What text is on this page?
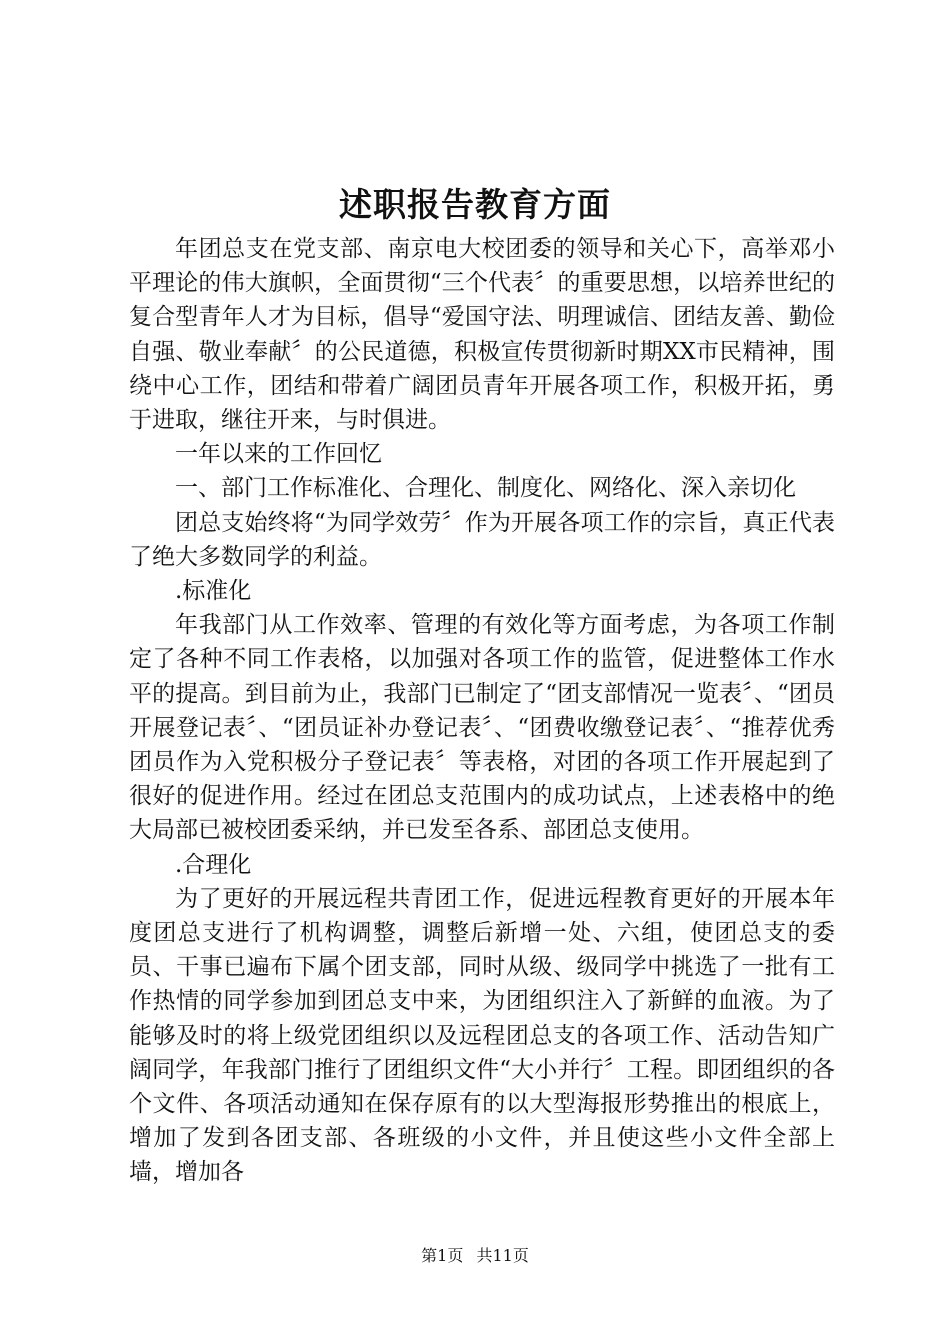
述职报告教育方面

年团总支在党支部、南京电大校团委的领导和关心下，高举邓小平理论的伟大旗帜，全面贯彻“三个代表〞的重要思想，以培养世纪的复合型青年人才为目标，倡导“爱国守法、明理诚信、团结友善、勤俭自强、敬业奉献〞的公民道德，积极宣传贯彻新时期XX市民精神，围绕中心工作，团结和带着广阔团员青年开展各项工作，积极开拓，勇于进取，继往开来，与时俱进。

一年以来的工作回忆

一、部门工作标准化、合理化、制度化、网络化、深入亲切化

团总支始终将“为同学效劳〞作为开展各项工作的宗旨，真正代表了绝大多数同学的利益。

.标准化

年我部门从工作效率、管理的有效化等方面考虑，为各项工作制定了各种不同工作表格，以加强对各项工作的监管，促进整体工作水平的提高。到目前为止，我部门已制定了“团支部情况一览表〞、“团员开展登记表〞、“团员证补办登记表〞、“团费收缴登记表〞、“推荐优秀团员作为入党积极分子登记表〞等表格，对团的各项工作开展起到了很好的促进作用。经过在团总支范围内的成功试点，上述表格中的绝大局部已被校团委采纳，并已发至各系、部团总支使用。

.合理化

为了更好的开展远程共青团工作，促进远程教育更好的开展本年度团总支进行了机构调整，调整后新增一处、六组，使团总支的委员、干事已遍布下属个团支部，同时从级、级同学中挑选了一批有工作热情的同学参加到团总支中来，为团组织注入了新鲜的血液。为了能够及时的将上级党团组织以及远程团总支的各项工作、活动告知广阔同学，年我部门推行了团组织文件“大小并行〞工程。即团组织的各个文件、各项活动通知在保存原有的以大型海报形势推出的根底上，增加了发到各团支部、各班级的小文件，并且使这些小文件全部上墙，增加各

第1页 共11页
